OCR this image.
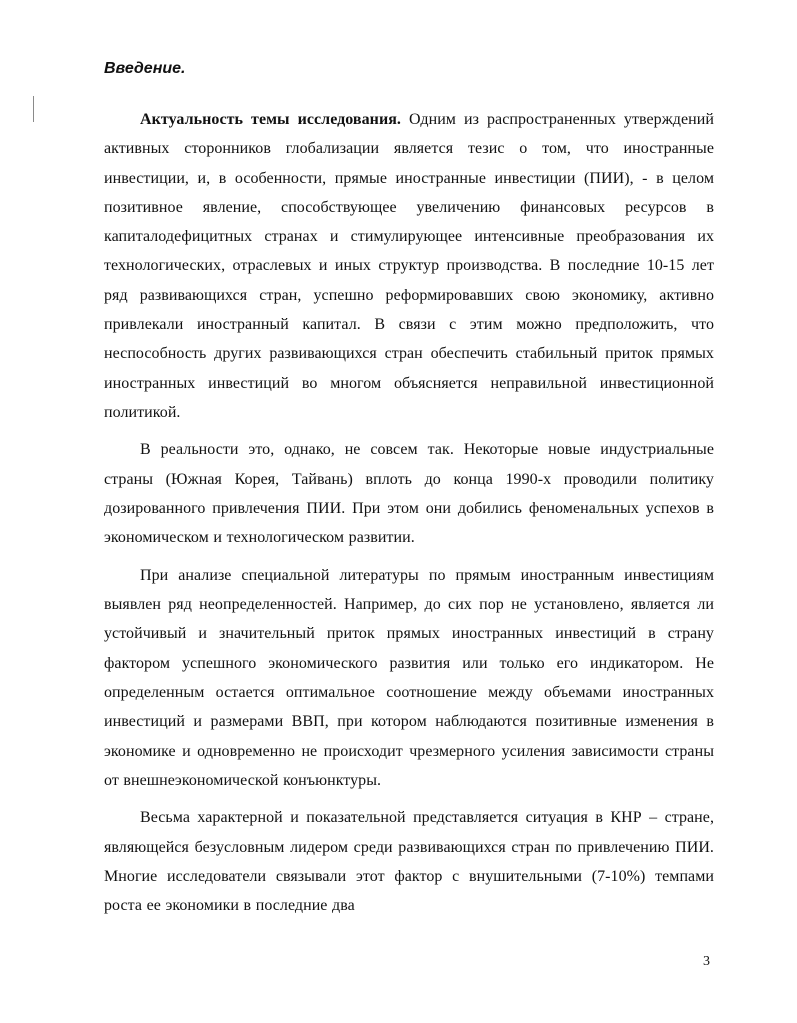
Введение.

Актуальность темы исследования. Одним из распространенных утверждений активных сторонников глобализации является тезис о том, что иностранные инвестиции, и, в особенности, прямые иностранные инвестиции (ПИИ), - в целом позитивное явление, способствующее увеличению финансовых ресурсов в капиталодефицитных странах и стимулирующее интенсивные преобразования их технологических, отраслевых и иных структур производства. В последние 10-15 лет ряд развивающихся стран, успешно реформировавших свою экономику, активно привлекали иностранный капитал. В связи с этим можно предположить, что неспособность других развивающихся стран обеспечить стабильный приток прямых иностранных инвестиций во многом объясняется неправильной инвестиционной политикой.

В реальности это, однако, не совсем так. Некоторые новые индустриальные страны (Южная Корея, Тайвань) вплоть до конца 1990-х проводили политику дозированного привлечения ПИИ. При этом они добились феноменальных успехов в экономическом и технологическом развитии.

При анализе специальной литературы по прямым иностранным инвестициям выявлен ряд неопределенностей. Например, до сих пор не установлено, является ли устойчивый и значительный приток прямых иностранных инвестиций в страну фактором успешного экономического развития или только его индикатором. Не определенным остается оптимальное соотношение между объемами иностранных инвестиций и размерами ВВП, при котором наблюдаются позитивные изменения в экономике и одновременно не происходит чрезмерного усиления зависимости страны от внешнеэкономической конъюнктуры.

Весьма характерной и показательной представляется ситуация в КНР – стране, являющейся безусловным лидером среди развивающихся стран по привлечению ПИИ. Многие исследователи связывали этот фактор с внушительными (7-10%) темпами роста ее экономики в последние два

3
